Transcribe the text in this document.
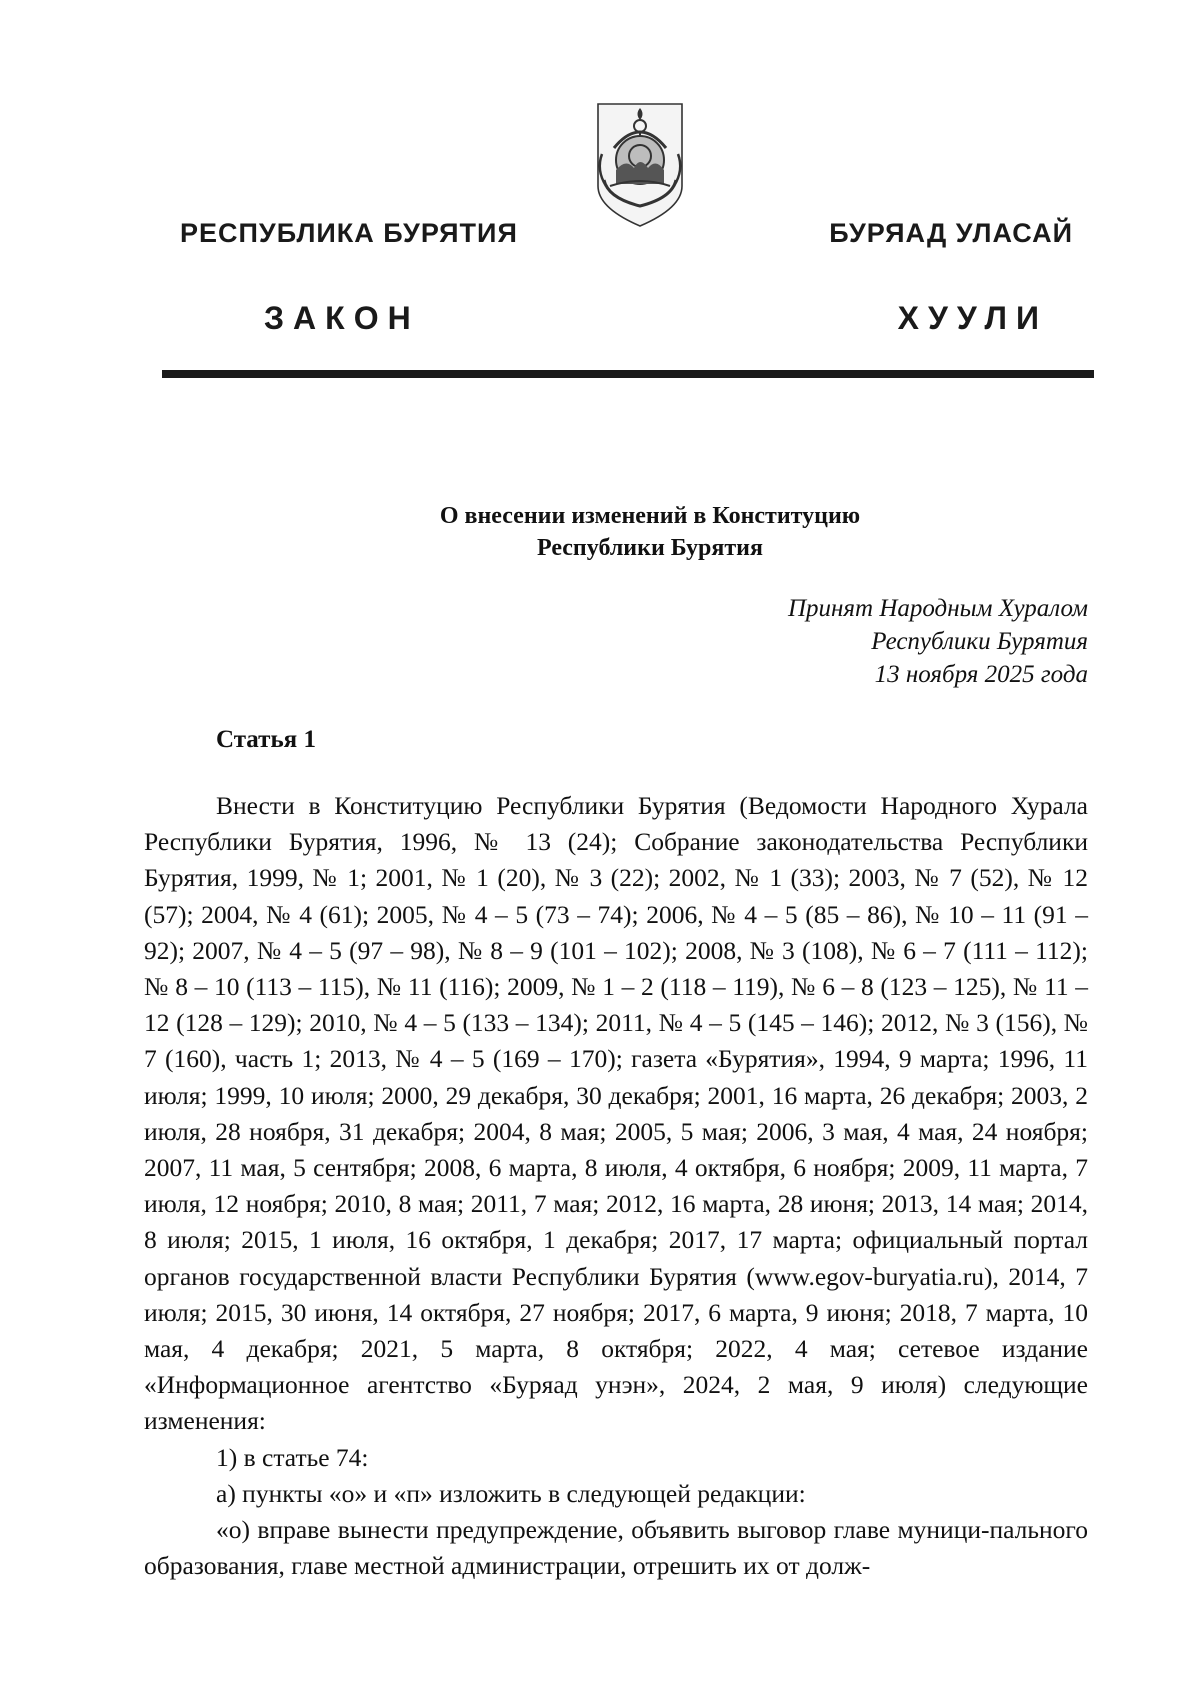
РЕСПУБЛИКА БУРЯТИЯ	БУРЯАД УЛАСАЙ
ЗАКОН	ХУУЛИ
О внесении изменений в Конституцию
Республики Бурятия
Принят Народным Хуралом
Республики Бурятия
13 ноября 2025 года
Статья 1

Внести в Конституцию Республики Бурятия (Ведомости Народного Хурала Республики Бурятия, 1996, № 13 (24); Собрание законодательства Республики Бурятия, 1999, № 1; 2001, № 1 (20), № 3 (22); 2002, № 1 (33); 2003, № 7 (52), № 12 (57); 2004, № 4 (61); 2005, № 4 – 5 (73 – 74); 2006, № 4 – 5 (85 – 86), № 10 – 11 (91 – 92); 2007, № 4 – 5 (97 – 98), № 8 – 9 (101 – 102); 2008, № 3 (108), № 6 – 7 (111 – 112); № 8 – 10 (113 – 115), № 11 (116); 2009, № 1 – 2 (118 – 119), № 6 – 8 (123 – 125), № 11 – 12 (128 – 129); 2010, № 4 – 5 (133 – 134); 2011, № 4 – 5 (145 – 146); 2012, № 3 (156), № 7 (160), часть 1; 2013, № 4 – 5 (169 – 170); газета «Бурятия», 1994, 9 марта; 1996, 11 июля; 1999, 10 июля; 2000, 29 декабря, 30 декабря; 2001, 16 марта, 26 декабря; 2003, 2 июля, 28 ноября, 31 декабря; 2004, 8 мая; 2005, 5 мая; 2006, 3 мая, 4 мая, 24 ноября; 2007, 11 мая, 5 сентября; 2008, 6 марта, 8 июля, 4 октября, 6 ноября; 2009, 11 марта, 7 июля, 12 ноября; 2010, 8 мая; 2011, 7 мая; 2012, 16 марта, 28 июня; 2013, 14 мая; 2014, 8 июля; 2015, 1 июля, 16 октября, 1 декабря; 2017, 17 марта; официальный портал органов государственной власти Республики Бурятия (www.egov-buryatia.ru), 2014, 7 июля; 2015, 30 июня, 14 октября, 27 ноября; 2017, 6 марта, 9 июня; 2018, 7 марта, 10 мая, 4 декабря; 2021, 5 марта, 8 октября; 2022, 4 мая; сетевое издание «Информационное агентство «Буряад унэн», 2024, 2 мая, 9 июля) следующие изменения:

1) в статье 74:

а) пункты «о» и «п» изложить в следующей редакции:

«о) вправе вынести предупреждение, объявить выговор главе муници-пального образования, главе местной администрации, отрешить их от долж-
